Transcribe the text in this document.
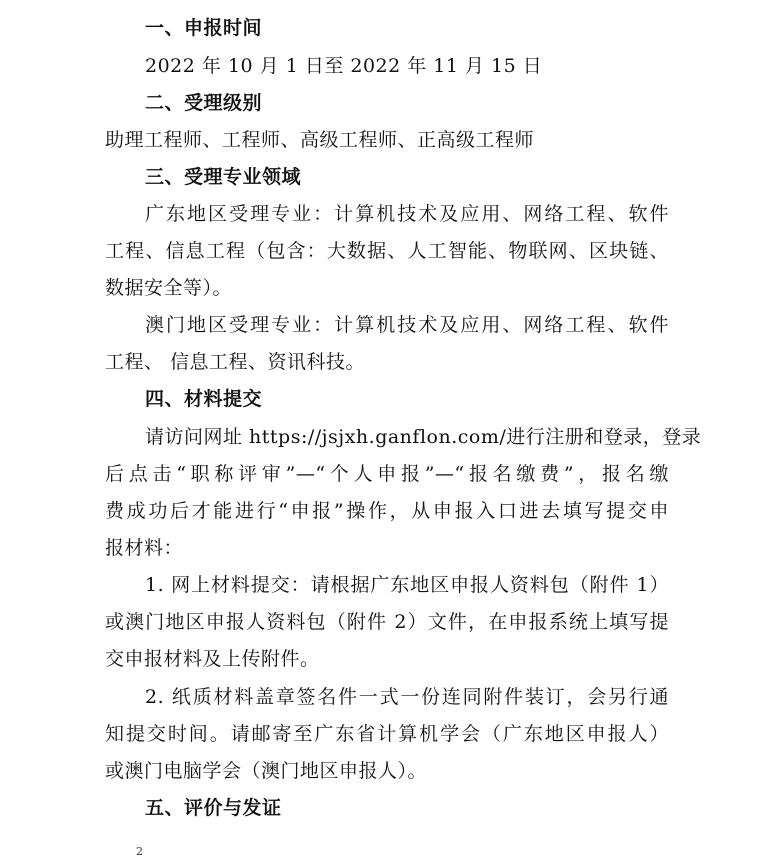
一、申报时间
2022 年 10 月 1 日至 2022 年 11 月 15 日
二、受理级别
助理工程师、工程师、高级工程师、正高级工程师
三、受理专业领域
广东地区受理专业：计算机技术及应用、网络工程、软件
工程、信息工程（包含：大数据、人工智能、物联网、区块链、
数据安全等）。
澳门地区受理专业：计算机技术及应用、网络工程、软件
工程、 信息工程、资讯科技。
四、材料提交
请访问网址 https://jsjxh.ganflon.com/进行注册和登录，登录
后点击“职称评审”—“个人申报”—“报名缴费”，报名缴
费成功后才能进行“申报”操作，从申报入口进去填写提交申
报材料：
1. 网上材料提交：请根据广东地区申报人资料包（附件 1）
或澳门地区申报人资料包（附件 2）文件，在申报系统上填写提
交申报材料及上传附件。
2. 纸质材料盖章签名件一式一份连同附件装订，会另行通
知提交时间。请邮寄至广东省计算机学会（广东地区申报人）
或澳门电脑学会（澳门地区申报人）。
五、评价与发证
2
